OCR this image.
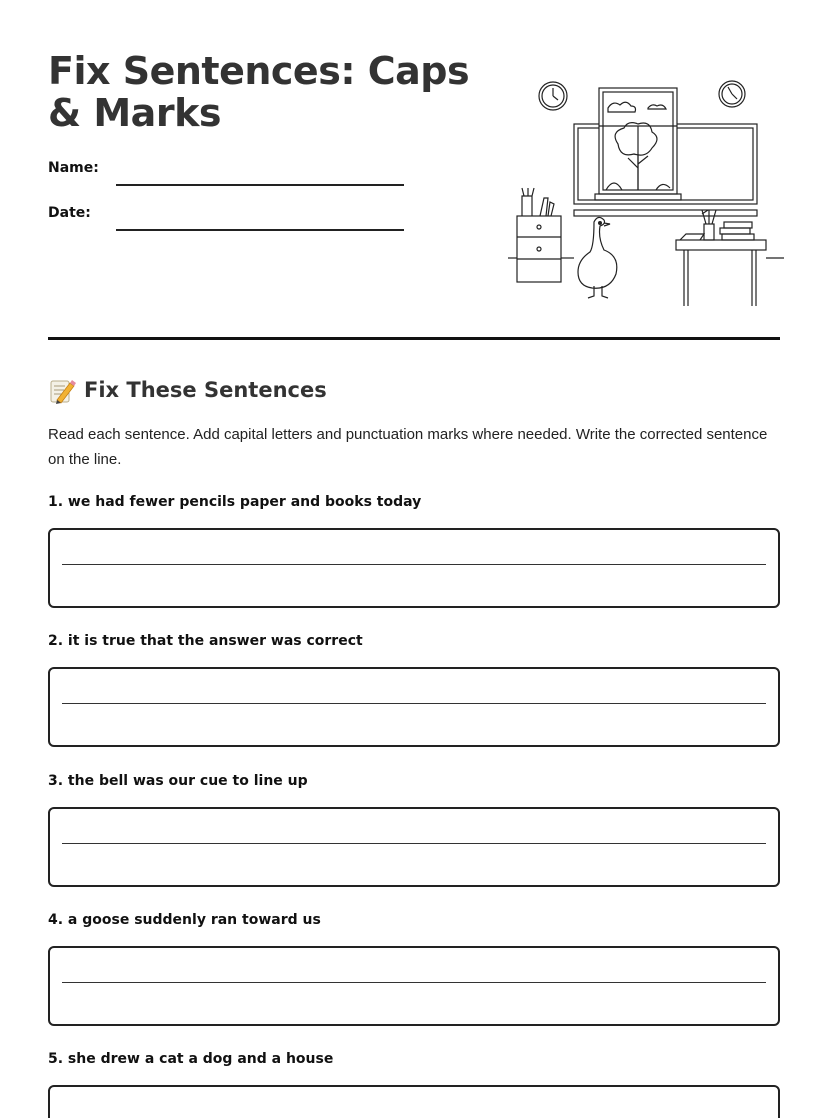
Fix Sentences: Caps & Marks
Name:
Date:
Fix These Sentences
Read each sentence. Add capital letters and punctuation marks where needed. Write the corrected sentence on the line.
1. we had fewer pencils paper and books today
2. it is true that the answer was correct
3. the bell was our cue to line up
4. a goose suddenly ran toward us
5. she drew a cat a dog and a house
